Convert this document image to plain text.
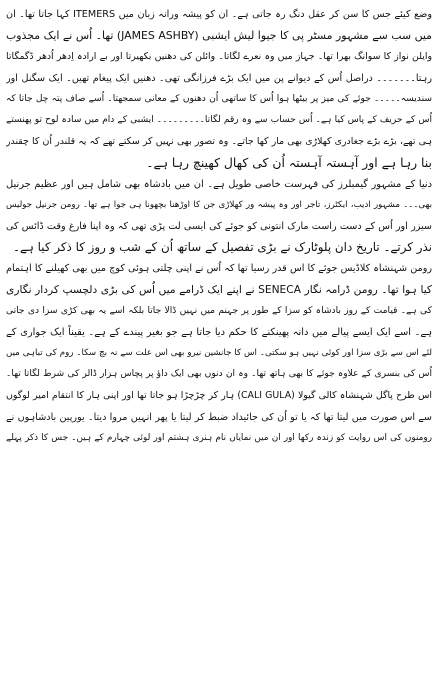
وضع کیئے جس کا سن کر عقل دنگ رہ جاتی ہے۔ ان کو پیشہ ورانہ زبان میں ITEMERS کہا جاتا تھا۔ ان
میں سب سے مشہور مسٹر پی کا جیوا لیش ایشبی (JAMES ASHBY) تھا۔ اُس نے ایک مجذوب
وایلن نواز کا سوانگ بھرا تھا۔ جہاز میں وہ نعرے لگاتا۔ وائلن کی دھنیں بکھیرتا اور بے ارادہ اِدھر اُدھر ڈگمگاتا
رہتا۔۔۔۔۔۔۔ دراصل اُس کے دیوانے پن میں ایک بڑے فرزانگی تھی۔ دھنیں ایک پیغام تھیں۔ ایک سگنل اور
سندیسہ۔۔۔۔۔ جوئے کی میز پر بیٹھا ہوا اُس کا ساتھی اُن دھنوں کے معانی سمجھتا۔ اُسے صاف پتہ چل جاتا کہ
اُس کے حریف کے پاس کیا ہے۔ اُس حساب سے وہ رقم لگاتا۔۔۔۔۔۔۔۔۔ ایشبی کے دام میں سادہ لوح تو پھنستے
ہی تھے، بڑے بڑے جغادری کھلاڑی بھی مار کھا جاتے۔ وہ تصور بھی نہیں کر سکتے تھے کہ یہ قلندر اُن کا چقندر
بنا رہا ہے اور آہستہ آہستہ اُن کی کھال کھینچ رہا ہے۔
دنیا کے مشہور گیمبلرز کی فہرست خاصی طویل ہے۔ ان میں بادشاہ بھی شامل ہیں اور عظیم جرنیل
بھی۔۔۔ مشہور ادیب، ایکٹرز، تاجر اور وہ پیشہ ور کھلاڑی جن کا اوڑھنا بچھونا ہی جوا ہے تھا۔ رومن جرنیل جولیس
سیزر اور اُس کے دست راست مارک انتونی کو جوئے کی ایسی لت پڑی تھی کہ وہ اپنا فارغ وقت ڈائس کی
نذر کرتے۔ تاریخ دان پلوٹارک نے بڑی تفصیل کے ساتھ اُن کے شب و روز کا ذکر کیا ہے۔
رومن شہنشاہ کلاڈیس جوئے کا اس قدر رسیا تھا کہ اُس نے اپنی چلتی ہوئی کوچ میں بھی کھیلنے کا اہتمام
کیا ہوا تھا۔ رومن ڈرامہ نگار SENECA نے اپنے ایک ڈرامے میں اُس کی بڑی دلچسپ کردار نگاری
کی ہے۔ قیامت کے روز بادشاہ کو سزا کے طور پر جہنم میں نہیں ڈالا جاتا بلکہ اسے یہ بھی کڑی سزا دی جاتی
ہے۔ اسے ایک ایسے پیالے میں دانہ پھینکنے کا حکم دیا جاتا ہے جو بغیر پیندے کے ہے۔ یقیناً ایک جواری کے
لئے اس سے بڑی سزا اور کوئی نہیں ہو سکتی۔ اس کا جانشین نیرو بھی اس علت سے نہ بچ سکا۔ روم کی تباہی میں
اُس کی بنسری کے علاوہ جوئے کا بھی ہاتھ تھا۔ وہ ان دنوں بھی ایک داؤ پر پچاس ہزار ڈالر کی شرط لگاتا تھا۔
اس طرح پاگل شہنشاہ کالی گیولا (CALI GULA) ہار کر چڑچڑا ہو جاتا تھا اور اپنی ہار کا انتقام امیر لوگوں
سے اس صورت میں لیتا تھا کہ یا تو اُن کی جائیداد ضبط کر لیتا یا پھر انہیں مروا دیتا۔ یورپین بادشاہوں نے
رومنوں کی اس روایت کو زندہ رکھا اور ان میں نمایاں نام ہنری ہشتم اور لوئی چہارم کے ہیں۔ جس کا ذکر پہلے
